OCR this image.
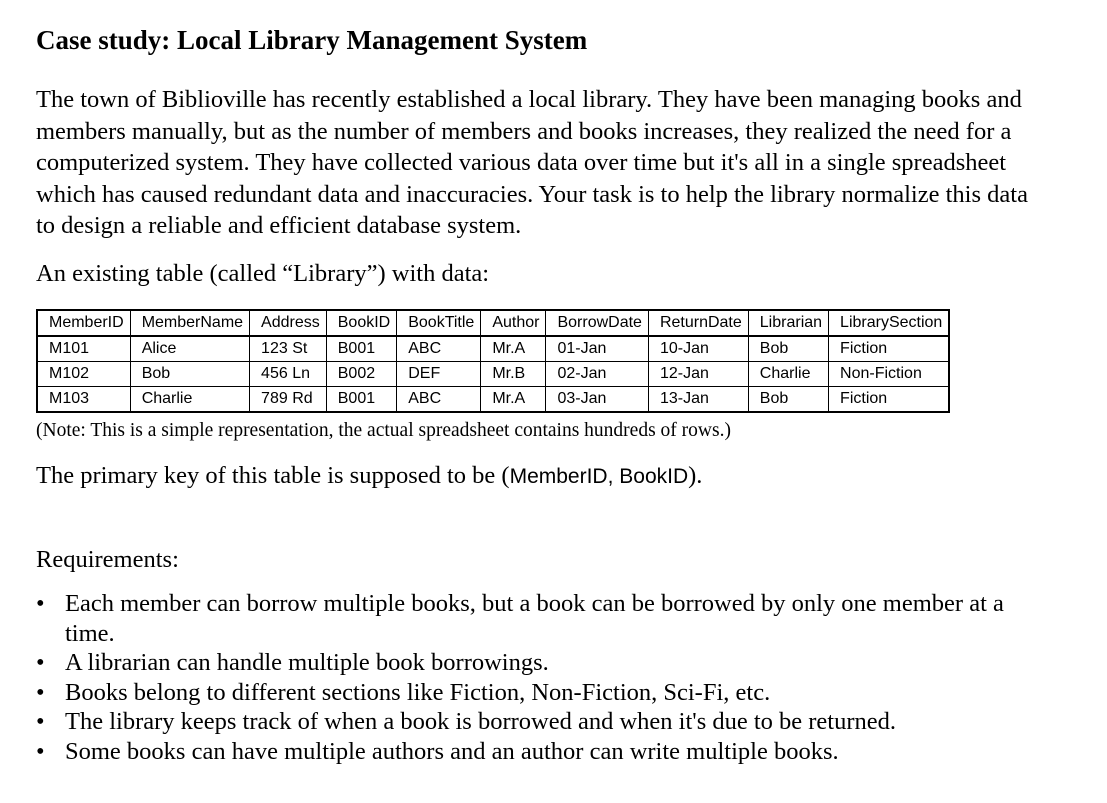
Case study: Local Library Management System

The town of Biblioville has recently established a local library. They have been managing books and members manually, but as the number of members and books increases, they realized the need for a computerized system. They have collected various data over time but it's all in a single spreadsheet which has caused redundant data and inaccuracies. Your task is to help the library normalize this data to design a reliable and efficient database system.

An existing table (called “Library”) with data:

MemberID	MemberName	Address	BookID	BookTitle	Author	BorrowDate	ReturnDate	Librarian	LibrarySection
M101	Alice	123 St	B001	ABC	Mr.A	01-Jan	10-Jan	Bob	Fiction
M102	Bob	456 Ln	B002	DEF	Mr.B	02-Jan	12-Jan	Charlie	Non-Fiction
M103	Charlie	789 Rd	B001	ABC	Mr.A	03-Jan	13-Jan	Bob	Fiction

(Note: This is a simple representation, the actual spreadsheet contains hundreds of rows.)

The primary key of this table is supposed to be (MemberID, BookID).

Requirements:

• Each member can borrow multiple books, but a book can be borrowed by only one member at a time.
• A librarian can handle multiple book borrowings.
• Books belong to different sections like Fiction, Non-Fiction, Sci-Fi, etc.
• The library keeps track of when a book is borrowed and when it's due to be returned.
• Some books can have multiple authors and an author can write multiple books.
